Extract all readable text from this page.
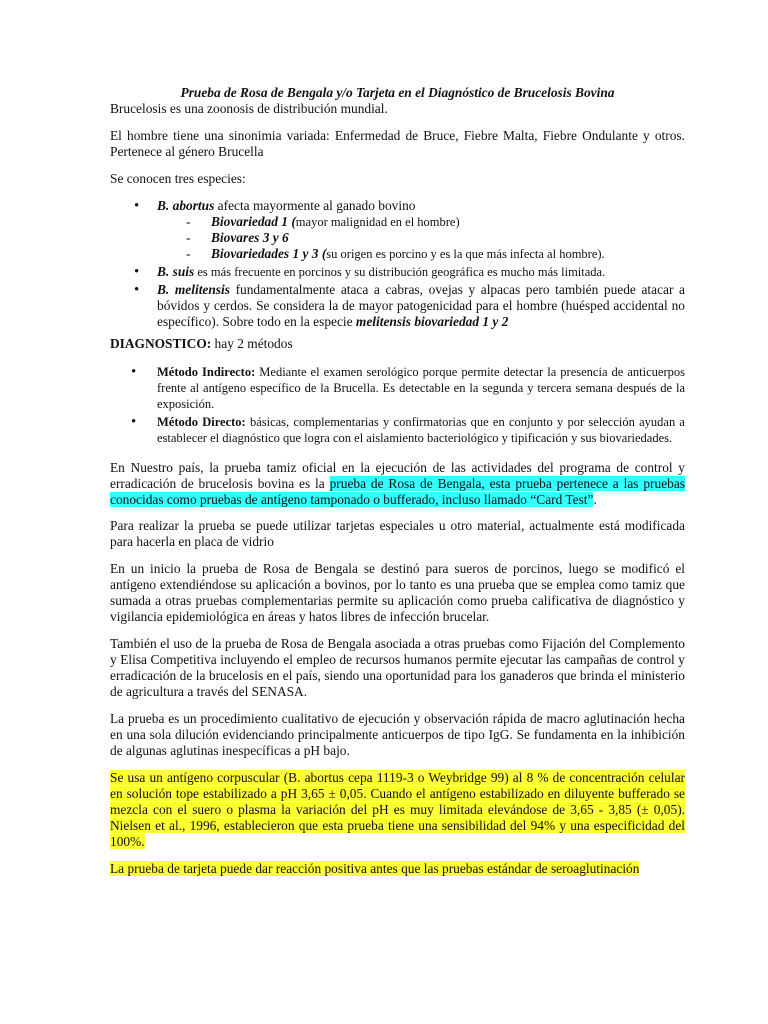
Prueba de Rosa de Bengala y/o Tarjeta en el Diagnóstico de Brucelosis Bovina

Brucelosis es una zoonosis de distribución mundial.

El hombre tiene una sinonimia variada: Enfermedad de Bruce, Fiebre Malta, Fiebre Ondulante y otros. Pertenece al género Brucella

Se conocen tres especies:

• B. abortus afecta mayormente al ganado bovino
- Biovariedad 1 (mayor malignidad en el hombre)
- Biovares 3 y 6
- Biovariedades 1 y 3 (su origen es porcino y es la que más infecta al hombre).
• B. suis es más frecuente en porcinos y su distribución geográfica es mucho más limitada.
• B. melitensis fundamentalmente ataca a cabras, ovejas y alpacas pero también puede atacar a bóvidos y cerdos. Se considera la de mayor patogenicidad para el hombre (huésped accidental no específico). Sobre todo en la especie melitensis biovariedad 1 y 2

DIAGNOSTICO: hay 2 métodos

• Método Indirecto: Mediante el examen serológico porque permite detectar la presencia de anticuerpos frente al antígeno específico de la Brucella. Es detectable en la segunda y tercera semana después de la exposición.
• Método Directo: básicas, complementarias y confirmatorias que en conjunto y por selección ayudan a establecer el diagnóstico que logra con el aislamiento bacteriológico y tipificación y sus biovariedades.

En Nuestro país, la prueba tamiz oficial en la ejecución de las actividades del programa de control y erradicación de brucelosis bovina es la prueba de Rosa de Bengala, esta prueba pertenece a las pruebas conocidas como pruebas de antígeno tamponado o bufferado, incluso llamado “Card Test”.

Para realizar la prueba se puede utilizar tarjetas especiales u otro material, actualmente está modificada para hacerla en placa de vidrio

En un inicio la prueba de Rosa de Bengala se destinó para sueros de porcinos, luego se modificó el antígeno extendiéndose su aplicación a bovinos, por lo tanto es una prueba que se emplea como tamiz que sumada a otras pruebas complementarias permite su aplicación como prueba calificativa de diagnóstico y vigilancia epidemiológica en áreas y hatos libres de infección brucelar.

También el uso de la prueba de Rosa de Bengala asociada a otras pruebas como Fijación del Complemento y Elisa Competitiva incluyendo el empleo de recursos humanos permite ejecutar las campañas de control y erradicación de la brucelosis en el país, siendo una oportunidad para los ganaderos que brinda el ministerio de agricultura a través del SENASA.

La prueba es un procedimiento cualitativo de ejecución y observación rápida de macro aglutinación hecha en una sola dilución evidenciando principalmente anticuerpos de tipo IgG. Se fundamenta en la inhibición de algunas aglutinas inespecíficas a pH bajo.

Se usa un antígeno corpuscular (B. abortus cepa 1119-3 o Weybridge 99) al 8 % de concentración celular en solución tope estabilizado a pH 3,65 ± 0,05. Cuando el antígeno estabilizado en diluyente bufferado se mezcla con el suero o plasma la variación del pH es muy limitada elevándose de 3,65 - 3,85 (± 0,05). Nielsen et al., 1996, establecieron que esta prueba tiene una sensibilidad del 94% y una especificidad del 100%.

La prueba de tarjeta puede dar reacción positiva antes que las pruebas estándar de seroaglutinación
